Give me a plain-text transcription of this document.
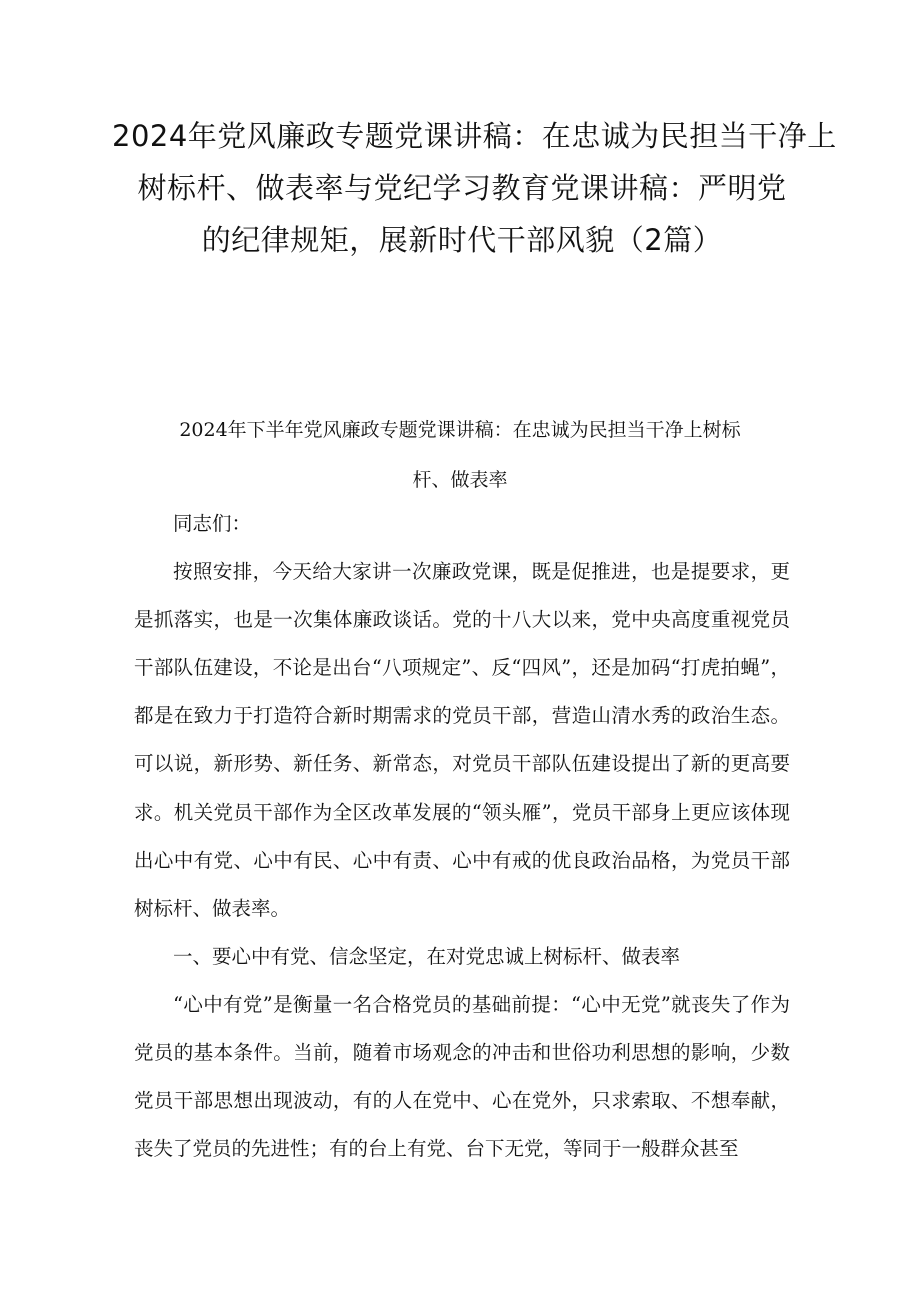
2024年党风廉政专题党课讲稿：在忠诚为民担当干净上
树标杆、做表率与党纪学习教育党课讲稿：严明党
的纪律规矩，展新时代干部风貌（2篇）
2024年下半年党风廉政专题党课讲稿：在忠诚为民担当干净上树标
杆、做表率

同志们：

按照安排，今天给大家讲一次廉政党课，既是促推进，也是提要求，更是抓落实，也是一次集体廉政谈话。党的十八大以来，党中央高度重视党员干部队伍建设，不论是出台“八项规定”、反“四风”，还是加码“打虎拍蝇”，都是在致力于打造符合新时期需求的党员干部，营造山清水秀的政治生态。可以说，新形势、新任务、新常态，对党员干部队伍建设提出了新的更高要求。机关党员干部作为全区改革发展的“领头雁”，党员干部身上更应该体现出心中有党、心中有民、心中有责、心中有戒的优良政治品格，为党员干部树标杆、做表率。

一、要心中有党、信念坚定，在对党忠诚上树标杆、做表率

“心中有党”是衡量一名合格党员的基础前提：“心中无党”就丧失了作为党员的基本条件。当前，随着市场观念的冲击和世俗功利思想的影响，少数党员干部思想出现波动，有的人在党中、心在党外，只求索取、不想奉献，丧失了党员的先进性；有的台上有党、台下无党，等同于一般群众甚至
